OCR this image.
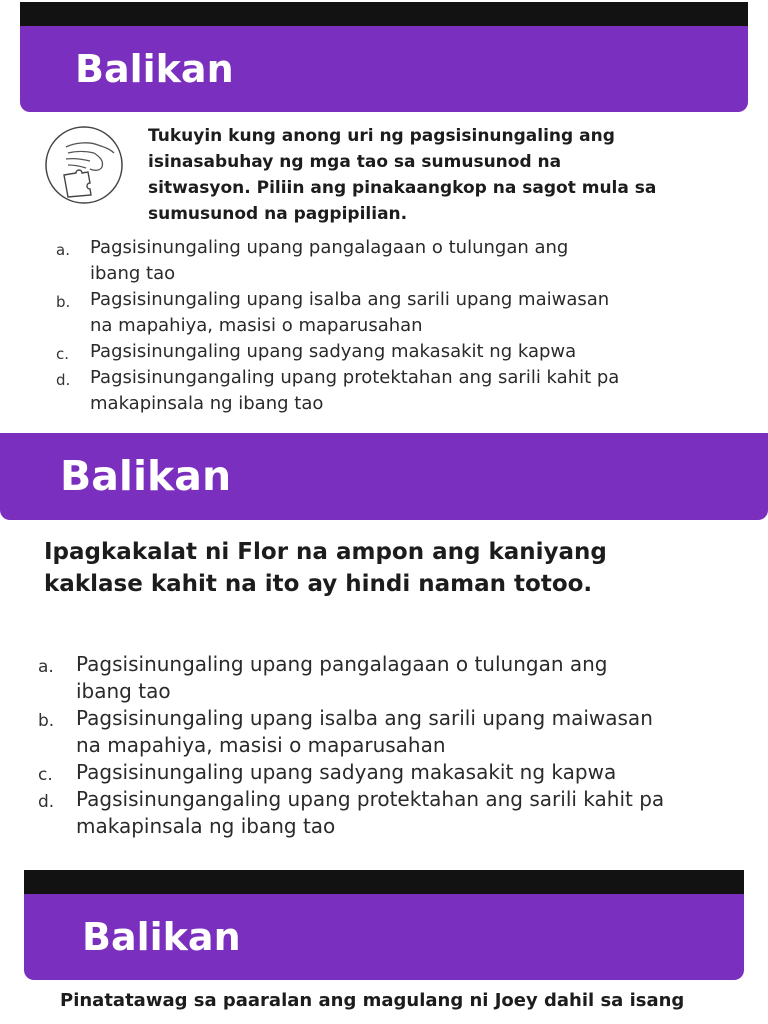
Balikan
Tukuyin kung anong uri ng pagsisinungaling ang
isinasabuhay ng mga tao sa sumusunod na
sitwasyon. Piliin ang pinakaangkop na sagot mula sa
sumusunod na pagpipilian.
a. Pagsisinungaling upang pangalagaan o tulungan ang
ibang tao
b. Pagsisinungaling upang isalba ang sarili upang maiwasan
na mapahiya, masisi o maparusahan
c. Pagsisinungaling upang sadyang makasakit ng kapwa
d. Pagsisinungangaling upang protektahan ang sarili kahit pa
makapinsala ng ibang tao
Balikan
Ipagkakalat ni Flor na ampon ang kaniyang
kaklase kahit na ito ay hindi naman totoo.
a. Pagsisinungaling upang pangalagaan o tulungan ang
ibang tao
b. Pagsisinungaling upang isalba ang sarili upang maiwasan
na mapahiya, masisi o maparusahan
c. Pagsisinungaling upang sadyang makasakit ng kapwa
d. Pagsisinungangaling upang protektahan ang sarili kahit pa
makapinsala ng ibang tao
Balikan
Pinatatawag sa paaralan ang magulang ni Joey dahil sa isang
